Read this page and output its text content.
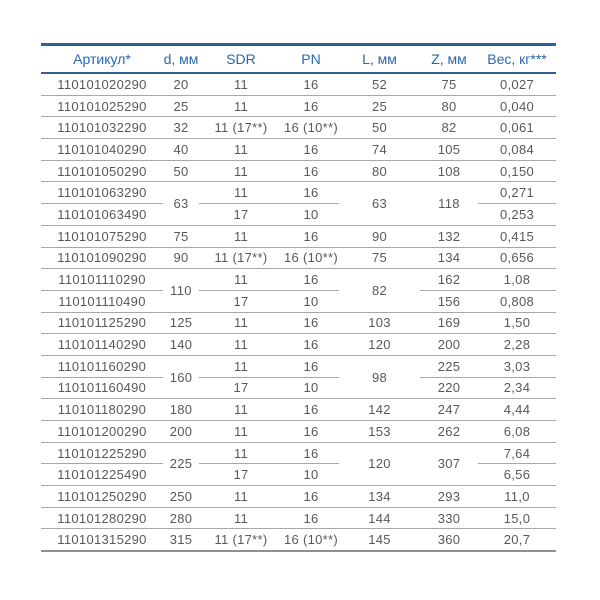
Артикул*	d, мм	SDR	PN	L, мм	Z, мм	Вес, кг***
110101020290	20	11	16	52	75	0,027
110101025290	25	11	16	25	80	0,040
110101032290	32	11 (17**)	16 (10**)	50	82	0,061
110101040290	40	11	16	74	105	0,084
110101050290	50	11	16	80	108	0,150
110101063290	63	11	16	63	118	0,271
110101063490		17	10			0,253
110101075290	75	11	16	90	132	0,415
110101090290	90	11 (17**)	16 (10**)	75	134	0,656
110101110290	110	11	16	82	162	1,08
110101110490		17	10		156	0,808
110101125290	125	11	16	103	169	1,50
110101140290	140	11	16	120	200	2,28
110101160290	160	11	16	98	225	3,03
110101160490		17	10		220	2,34
110101180290	180	11	16	142	247	4,44
110101200290	200	11	16	153	262	6,08
110101225290	225	11	16	120	307	7,64
110101225490		17	10			6,56
110101250290	250	11	16	134	293	11,0
110101280290	280	11	16	144	330	15,0
110101315290	315	11 (17**)	16 (10**)	145	360	20,7
